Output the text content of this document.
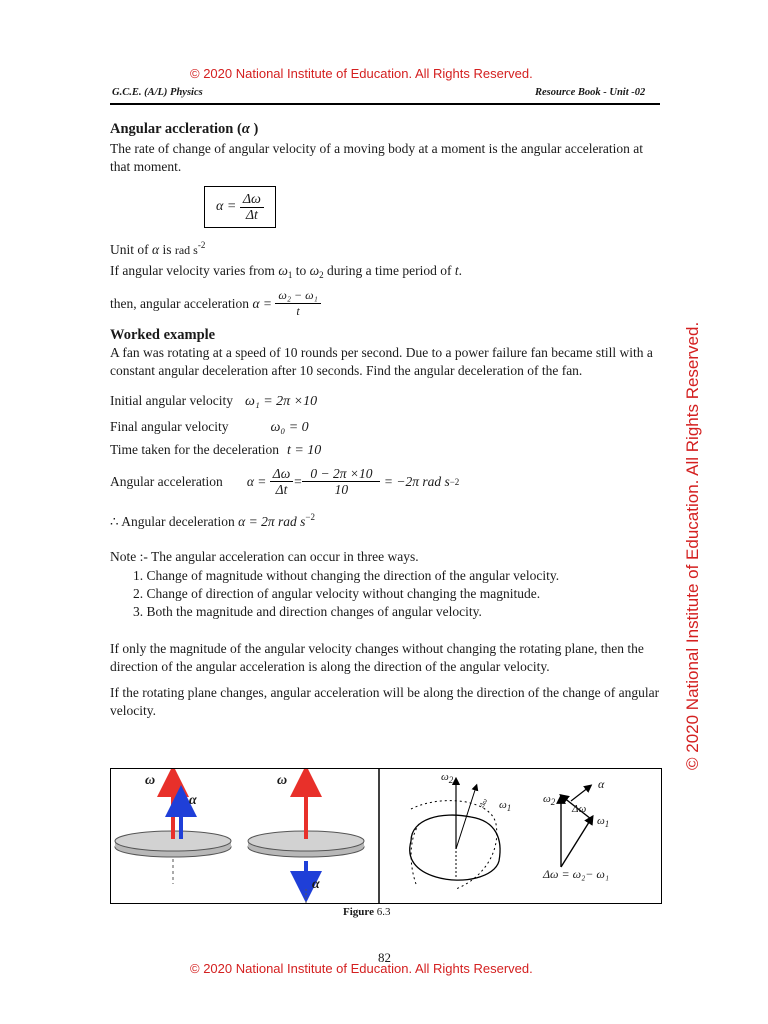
© 2020 National Institute of Education. All Rights Reserved.
G.C.E. (A/L) Physics	Resource Book - Unit -02
Angular accleration (α )
The rate of change of angular velocity of a moving body at a moment is the angular acceleration at that moment.
α =
$\frac{\Delta\omega}{\Delta t}$
Unit of α is rad $s^{-2}$
If angular velocity varies from $\omega_1$ to $\omega_2$ during a time period of t.
then, angular acceleration
α =
$\frac{\text{ω₂ − ω₁}}{t}$
Worked example
A fan was rotating at a speed of 10 rounds per second. Due to a power failure fan became still with a constant angular deceleration after 10 seconds. Find the angular deceleration of the fan.
Initial angular velocity ω₁ = 2π ×10
Final angular velocity	ω₀ = 0
Time taken for the deceleration t = 10
Angular acceleration α =
$\frac{\Delta\omega}{\Delta t} = \frac{0 - 2\pi \times 10}{10}$
= −2π rad s −2
∴ Angular deceleration α = 2π rad $s^{-2}$
Note :- The angular acceleration can occur in three ways.
1. Change of magnitude without changing the direction of the angular velocity.
2. Change of direction of angular velocity without changing the magnitude.
3. Both the magnitude and direction changes of angular velocity.
If only the magnitude of the angular velocity changes without changing the rotating plane, then the direction of the angular acceleration is along the direction of the angular velocity.
If the rotating plane changes, angular acceleration will be along the direction of the change of angular velocity.	© 2020 National Institute of Education. All Rights Reserved.
ω
α
ω
α
$\omega_2$
$\omega_1$
Δω	$\omega_2$
Δω
$\omega_1$
α
Δω = ω₂− ω₁
Figure 6.3
82
© 2020 National Institute of Education. All Rights Reserved.
